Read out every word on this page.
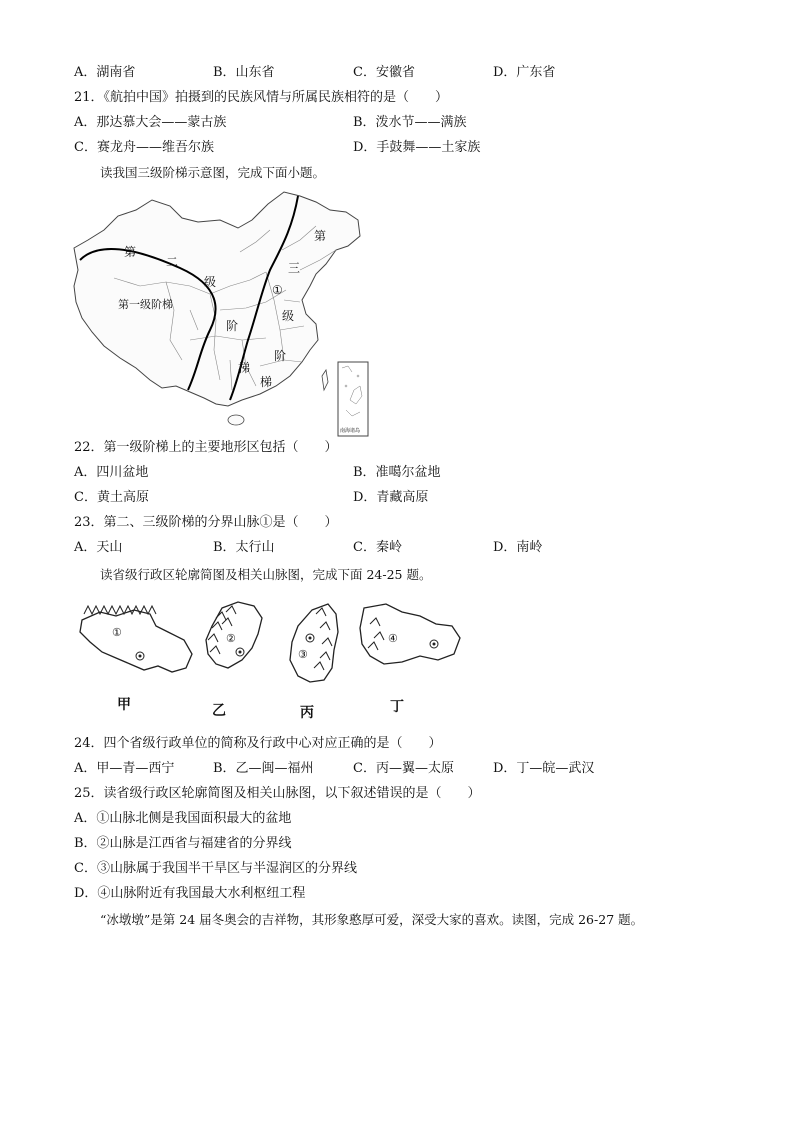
A．湖南省	B．山东省	C．安徽省	D．广东省
21．《航拍中国》拍摄到的民族风情与所属民族相符的是（　　）
A．那达慕大会——蒙古族	B．泼水节——满族
C．赛龙舟——维吾尔族	D．手鼓舞——土家族
读我国三级阶梯示意图，完成下面小题。
第
二
级
第一级阶梯
阶
梯
第
三
①
级
阶
梯
南海诸岛
22．第一级阶梯上的主要地形区包括（　　）
A．四川盆地	B．准噶尔盆地
C．黄土高原	D．青藏高原
23．第二、三级阶梯的分界山脉①是（　　）
A．天山	B．太行山	C．秦岭	D．南岭
读省级行政区轮廓简图及相关山脉图，完成下面 24-25 题。
①	②
③
④
甲	乙	丙	丁
24．四个省级行政单位的简称及行政中心对应正确的是（　　）
A．甲—青—西宁	B．乙—闽—福州	C．丙—翼—太原	D．丁—皖—武汉
25．读省级行政区轮廓简图及相关山脉图，以下叙述错误的是（　　）
A．①山脉北侧是我国面积最大的盆地
B．②山脉是江西省与福建省的分界线
C．③山脉属于我国半干旱区与半湿润区的分界线
D．④山脉附近有我国最大水利枢纽工程
“冰墩墩”是第 24 届冬奥会的吉祥物，其形象憨厚可爱，深受大家的喜欢。读图，完成 26-27 题。
